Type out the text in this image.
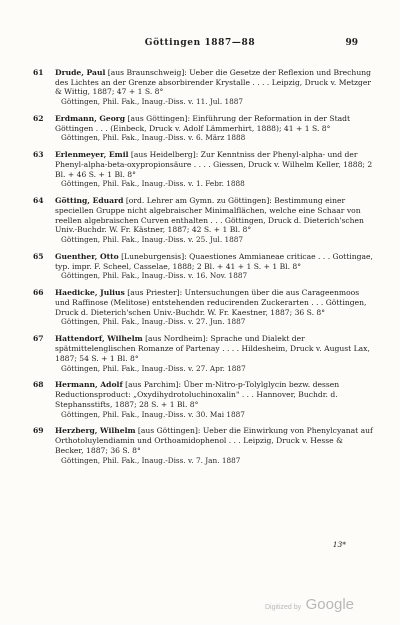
Göttingen 1887—88	99
61 Drude, Paul [aus Braunschweig]: Ueber die Gesetze der Reflexion und Brechung des Lichtes an der Grenze absorbirender Krystalle . . . . Leipzig, Druck v. Metzger & Wittig, 1887; 47 + 1 S. 8°
Göttingen, Phil. Fak., Inaug.-Diss. v. 11. Jul. 1887
62 Erdmann, Georg [aus Göttingen]: Einführung der Reformation in der Stadt Göttingen . . . (Einbeck, Druck v. Adolf Lämmerhirt, 1888); 41 + 1 S. 8°
Göttingen, Phil. Fak., Inaug.-Diss. v. 6. März 1888
63 Erlenmeyer, Emil [aus Heidelberg]: Zur Kenntniss der Phenyl-alpha- und der Phenyl-alpha-beta-oxypropionsäure . . . . Giessen, Druck v. Wilhelm Keller, 1888; 2 Bl. + 46 S. + 1 Bl. 8°
Göttingen, Phil. Fak., Inaug.-Diss. v. 1. Febr. 1888
64 Götting, Eduard [ord. Lehrer am Gymn. zu Göttingen]: Bestimmung einer speciellen Gruppe nicht algebraischer Minimalflächen, welche eine Schaar von reellen algebraischen Curven enthalten . . . Göttingen, Druck d. Dieterich'schen Univ.-Buchdr. W. Fr. Kästner, 1887; 42 S. + 1 Bl. 8°
Göttingen, Phil. Fak., Inaug.-Diss. v. 25. Jul. 1887
65 Guenther, Otto [Luneburgensis]: Quaestiones Ammianeae criticae . . . Gottingae, typ. impr. F. Scheel, Casselae, 1888; 2 Bl. + 41 + 1 S. + 1 Bl. 8°
Göttingen, Phil. Fak., Inaug.-Diss. v. 16. Nov. 1887
66 Haedicke, Julius [aus Priester]: Untersuchungen über die aus Carageenmoos und Raffinose (Melitose) entstehenden reducirenden Zuckerarten . . . Göttingen, Druck d. Dieterich'schen Univ.-Buchdr. W. Fr. Kaestner, 1887; 36 S. 8°
Göttingen, Phil. Fak., Inaug.-Diss. v. 27. Jun. 1887
67 Hattendorf, Wilhelm [aus Nordheim]: Sprache und Dialekt der spätmittelenglischen Romanze of Partenay . . . . Hildesheim, Druck v. August Lax, 1887; 54 S. + 1 Bl. 8°
Göttingen, Phil. Fak., Inaug.-Diss. v. 27. Apr. 1887
68 Hermann, Adolf [aus Parchim]: Über m-Nitro-p-Tolylglycin bezw. dessen Reductionsproduct: „Oxydihydrotoluchinoxalin" . . . Hannover, Buchdr. d. Stephansstifts, 1887; 28 S. + 1 Bl. 8°
Göttingen, Phil. Fak., Inaug.-Diss. v. 30. Mai 1887
69 Herzberg, Wilhelm [aus Göttingen]: Ueber die Einwirkung von Phenylcyanat auf Orthotoluylendiamin und Orthoamidophenol . . . Leipzig, Druck v. Hesse & Becker, 1887; 36 S. 8°
Göttingen, Phil. Fak., Inaug.-Diss. v. 7. Jan. 1887
13*
Digitized by Google
